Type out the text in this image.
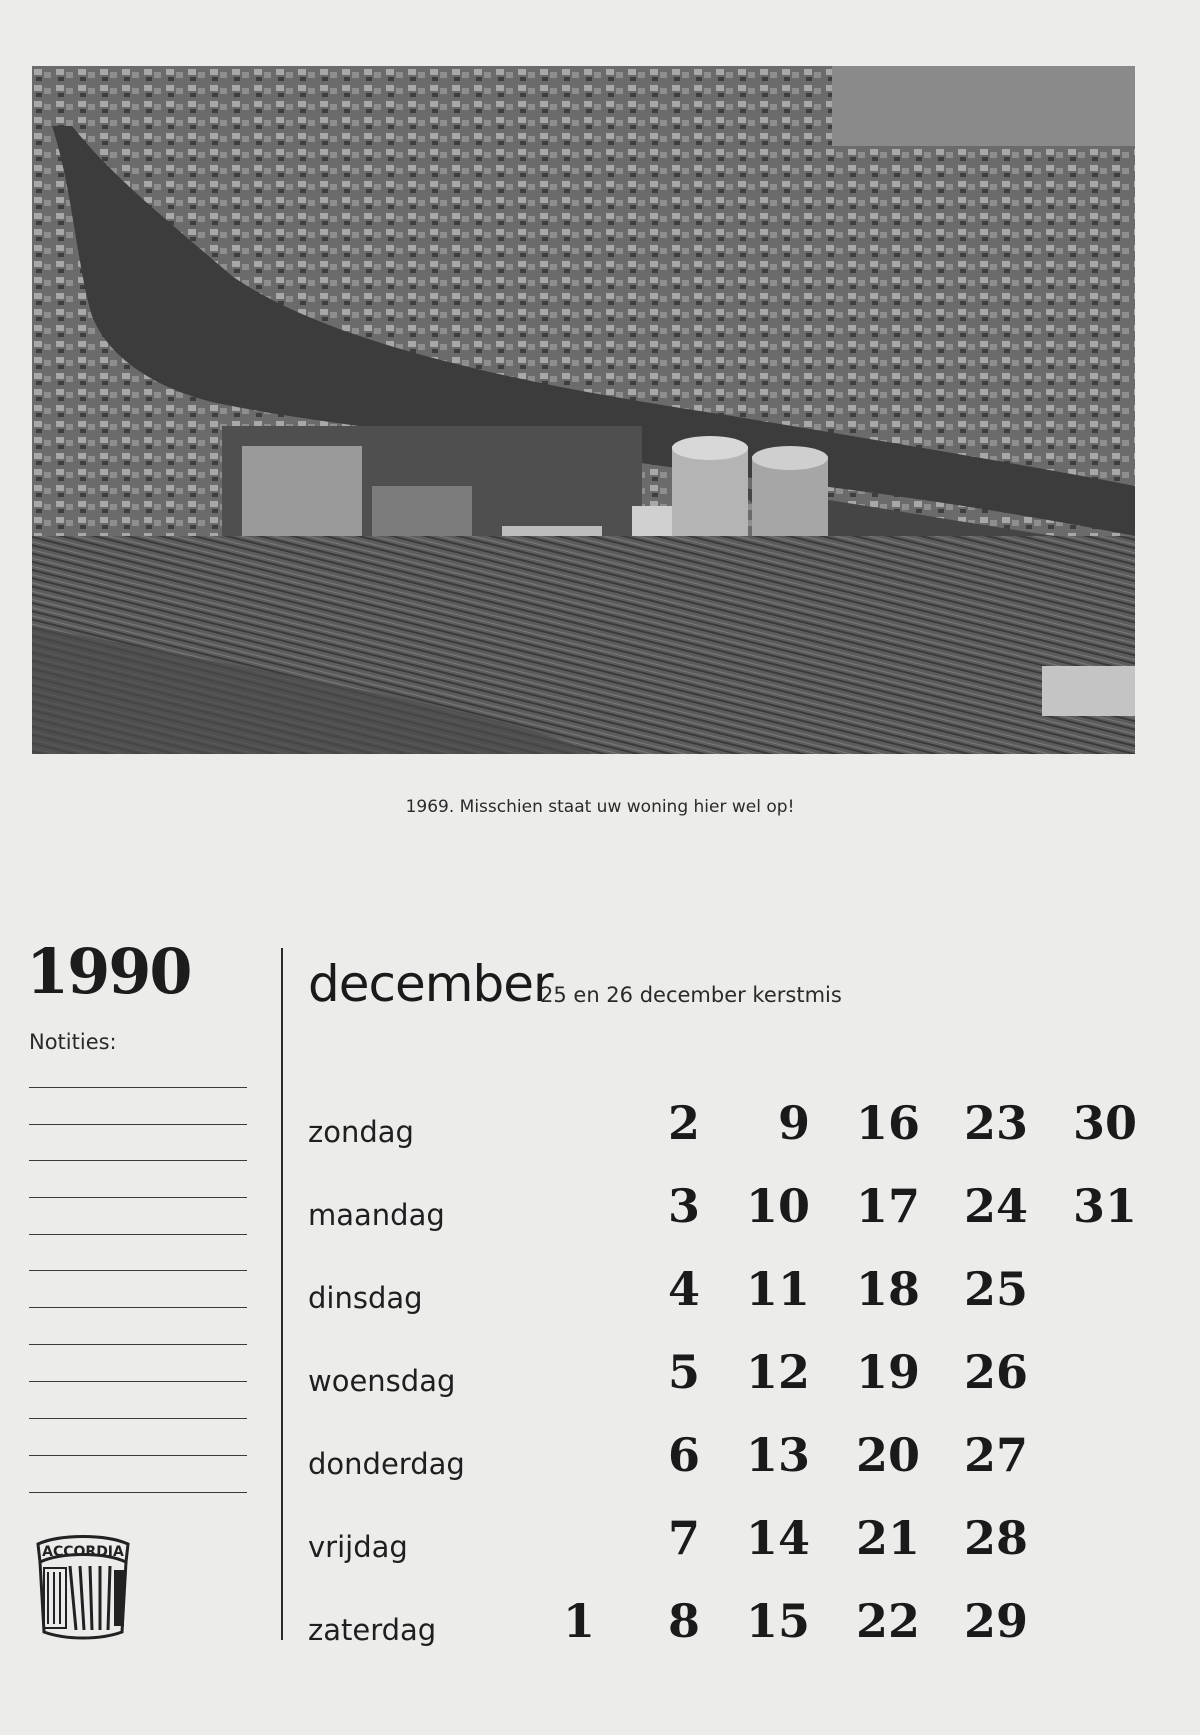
1969. Misschien staat uw woning hier wel op!
1990
Notities:
ACCORDIA
december
25 en 26 december kerstmis
zondag
maandag
dinsdag
woensdag
donderdag
vrijdag
zaterdag
2	9 16 23 30
3 10 17 24 31
4 11 18 25
5 12 19 26
6 13 20 27
7 14 21 28
1	8 15 22 29
